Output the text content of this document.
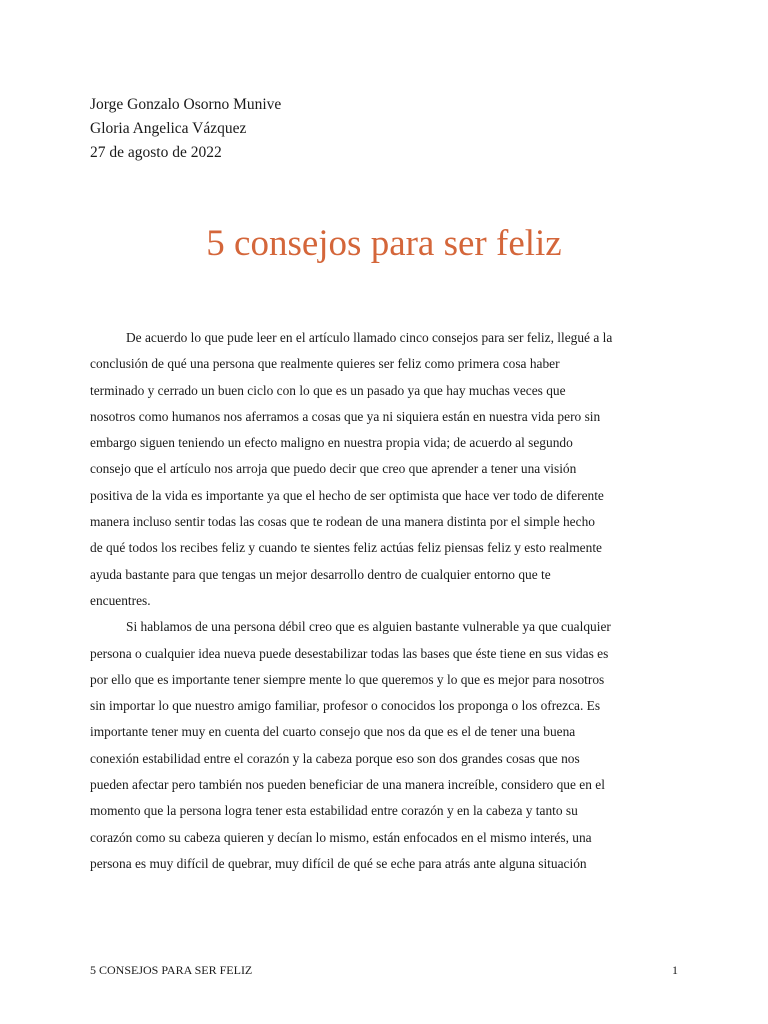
Jorge Gonzalo Osorno Munive
Gloria Angelica Vázquez
27 de agosto de 2022
5 consejos para ser feliz
De acuerdo lo que pude leer en el artículo llamado cinco consejos para ser feliz, llegué a la
conclusión de qué una persona que realmente quieres ser feliz como primera cosa haber
terminado y cerrado un buen ciclo con lo que es un pasado ya que hay muchas veces que
nosotros como humanos nos aferramos a cosas que ya ni siquiera están en nuestra vida pero sin
embargo siguen teniendo un efecto maligno en nuestra propia vida; de acuerdo al segundo
consejo que el artículo nos arroja que puedo decir que creo que aprender a tener una visión
positiva de la vida es importante ya que el hecho de ser optimista que hace ver todo de diferente
manera incluso sentir todas las cosas que te rodean de una manera distinta por el simple hecho
de qué todos los recibes feliz y cuando te sientes feliz actúas feliz piensas feliz y esto realmente
ayuda bastante para que tengas un mejor desarrollo dentro de cualquier entorno que te
encuentres.
Si hablamos de una persona débil creo que es alguien bastante vulnerable ya que cualquier
persona o cualquier idea nueva puede desestabilizar todas las bases que éste tiene en sus vidas es
por ello que es importante tener siempre mente lo que queremos y lo que es mejor para nosotros
sin importar lo que nuestro amigo familiar, profesor o conocidos los proponga o los ofrezca. Es
importante tener muy en cuenta del cuarto consejo que nos da que es el de tener una buena
conexión estabilidad entre el corazón y la cabeza porque eso son dos grandes cosas que nos
pueden afectar pero también nos pueden beneficiar de una manera increíble, considero que en el
momento que la persona logra tener esta estabilidad entre corazón y en la cabeza y tanto su
corazón como su cabeza quieren y decían lo mismo, están enfocados en el mismo interés, una
persona es muy difícil de quebrar, muy difícil de qué se eche para atrás ante alguna situación
5 CONSEJOS PARA SER FELIZ	1
